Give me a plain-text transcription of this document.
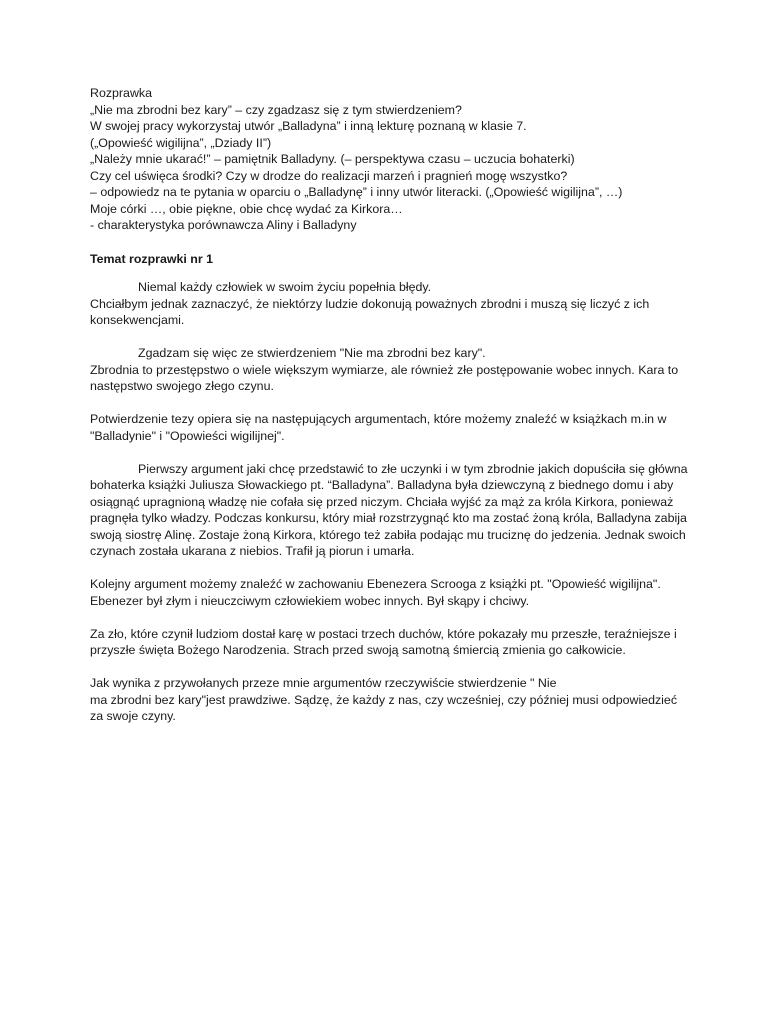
Rozprawka
„Nie ma zbrodni bez kary” – czy zgadzasz się z tym stwierdzeniem?
W swojej pracy wykorzystaj utwór „Balladyna” i inną lekturę poznaną w klasie 7.
(„Opowieść wigilijna”, „Dziady II”)
„Należy mnie ukarać!” – pamiętnik Balladyny. (– perspektywa czasu – uczucia bohaterki)
Czy cel uświęca środki? Czy w drodze do realizacji marzeń i pragnień mogę wszystko?
– odpowiedz na te pytania w oparciu o „Balladynę” i inny utwór literacki. („Opowieść wigilijna”, …)
Moje córki …, obie piękne, obie chcę wydać za Kirkora…
- charakterystyka porównawcza Aliny i Balladyny
Temat rozprawki nr 1
Niemal każdy człowiek w swoim życiu popełnia błędy.
Chciałbym jednak zaznaczyć, że niektórzy ludzie dokonują poważnych zbrodni i muszą się liczyć z ich konsekwencjami.
Zgadzam się więc ze stwierdzeniem "Nie ma zbrodni bez kary".
Zbrodnia to przestępstwo o wiele większym wymiarze, ale również złe postępowanie wobec innych. Kara to następstwo swojego złego czynu.
Potwierdzenie tezy opiera się na następujących argumentach, które możemy znaleźć w książkach m.in w "Balladynie" i "Opowieści wigilijnej".
Pierwszy argument jaki chcę przedstawić to złe uczynki i w tym zbrodnie jakich dopuściła się główna bohaterka książki Juliusza Słowackiego pt. “Balladyna”. Balladyna była dziewczyną z biednego domu i aby osiągnąć upragnioną władzę nie cofała się przed niczym. Chciała wyjść za mąż za króla Kirkora, ponieważ pragnęła tylko władzy. Podczas konkursu, który miał rozstrzygnąć kto ma zostać żoną króla, Balladyna zabija swoją siostrę Alinę. Zostaje żoną Kirkora, którego też zabiła podając mu truciznę do jedzenia. Jednak swoich czynach została ukarana z niebios. Trafił ją piorun i umarła.
Kolejny argument możemy znaleźć w zachowaniu Ebenezera Scrooga z książki pt. "Opowieść wigilijna". Ebenezer był złym i nieuczciwym człowiekiem wobec innych. Był skąpy i chciwy.
Za zło, które czynił ludziom dostał karę w postaci trzech duchów, które pokazały mu przeszłe, teraźniejsze i przyszłe święta Bożego Narodzenia. Strach przed swoją samotną śmiercią zmienia go całkowicie.
Jak wynika z przywołanych przeze mnie argumentów rzeczywiście stwierdzenie " Nie
ma zbrodni bez kary"jest prawdziwe. Sądzę, że każdy z nas, czy wcześniej, czy później musi odpowiedzieć za swoje czyny.
